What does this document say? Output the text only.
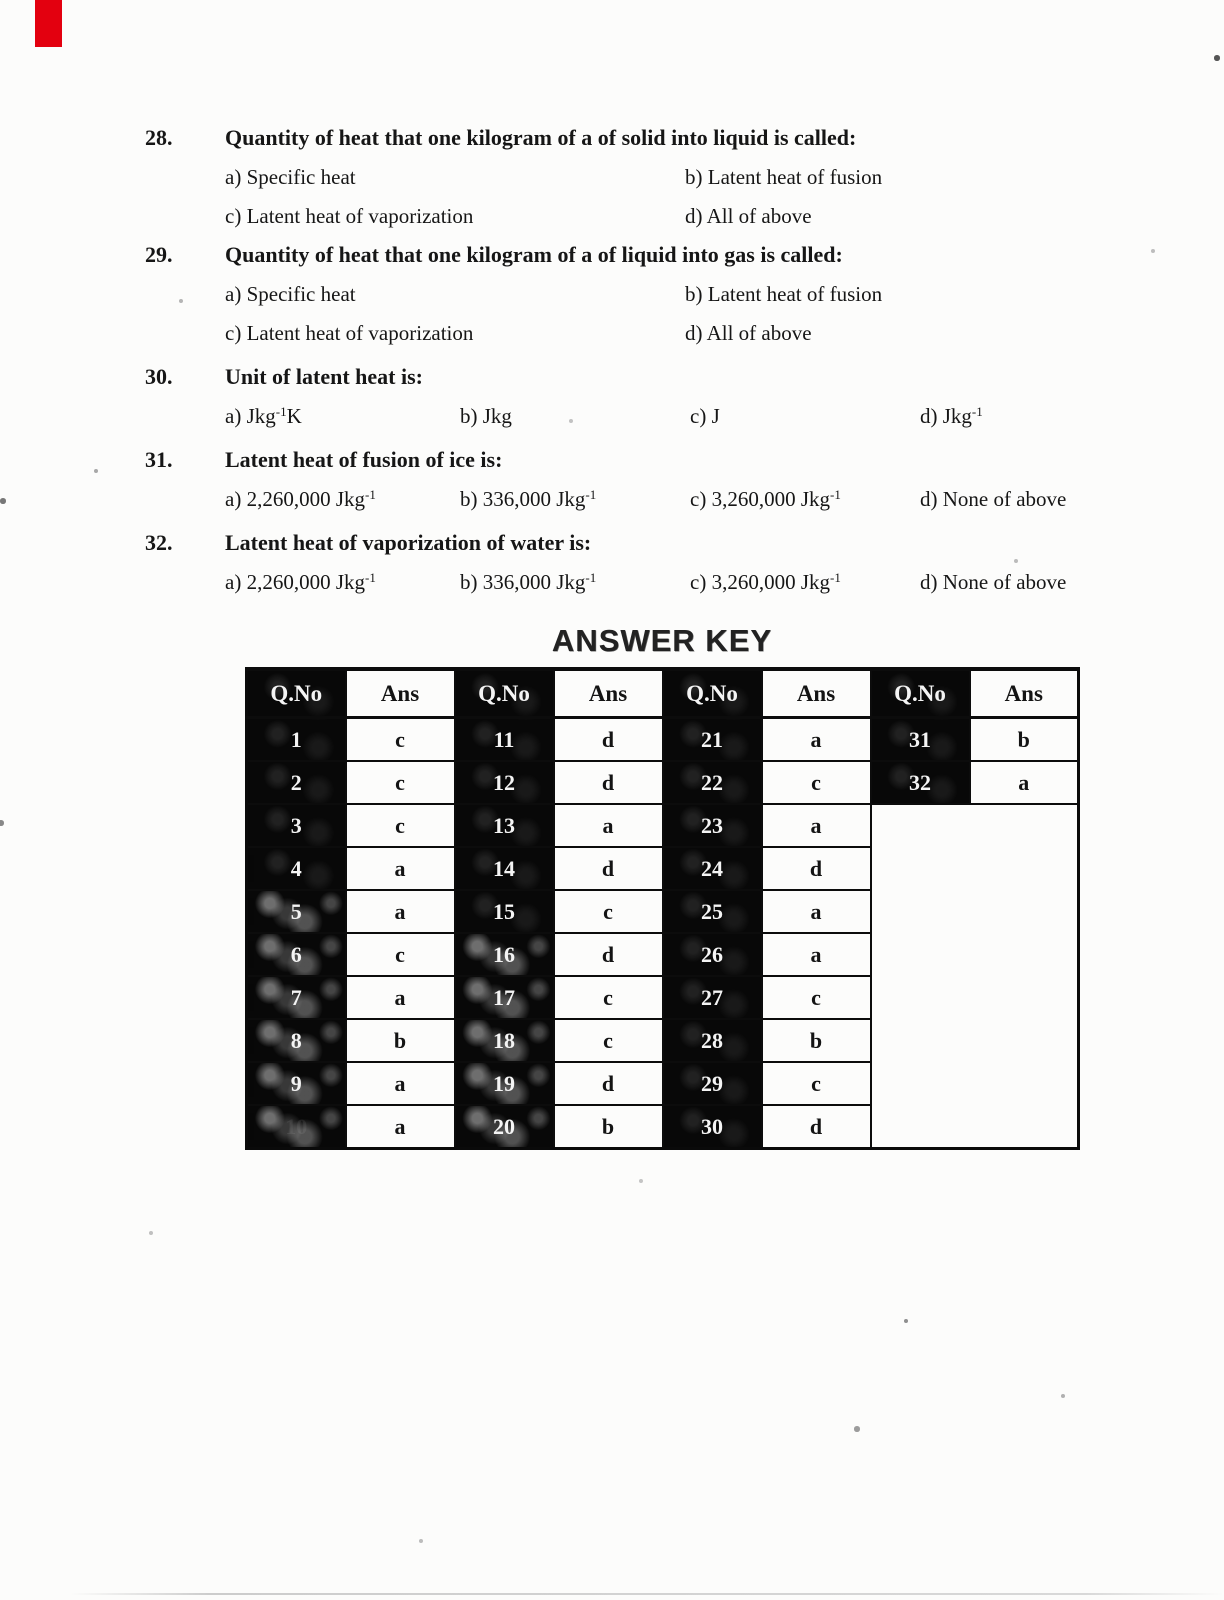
28.	Quantity of heat that one kilogram of a of solid into liquid is called:
a) Specific heat	b) Latent heat of fusion
c) Latent heat of vaporization	d) All of above
29.	Quantity of heat that one kilogram of a of liquid into gas is called:
a) Specific heat	b) Latent heat of fusion
c) Latent heat of vaporization	d) All of above
30.	Unit of latent heat is:
a) Jkg$^{-1}$K	b) Jkg	c) J	d) Jkg$^{-1}$
31.	Latent heat of fusion of ice is:
a) 2,260,000 Jkg$^{-1}$	b) 336,000 Jkg$^{-1}$	c) 3,260,000 Jkg$^{-1}$	d) None of above
32.	Latent heat of vaporization of water is:
a) 2,260,000 Jkg$^{-1}$	b) 336,000 Jkg$^{-1}$	c) 3,260,000 Jkg$^{-1}$	d) None of above
ANSWER KEY
Q.No	Ans	Q.No	Ans	Q.No	Ans	Q.No	Ans
1	c	11	d	21	a	31	b
2	c	12	d	22	c	32	a
3	c	13	a	23	a		
4	a	14	d	24	d		
5	a	15	c	25	a		
6	c	16	d	26	a		
7	a	17	c	27	c		
8	b	18	c	28	b		
9	a	19	d	29	c		
10	a	20	b	30	d		
